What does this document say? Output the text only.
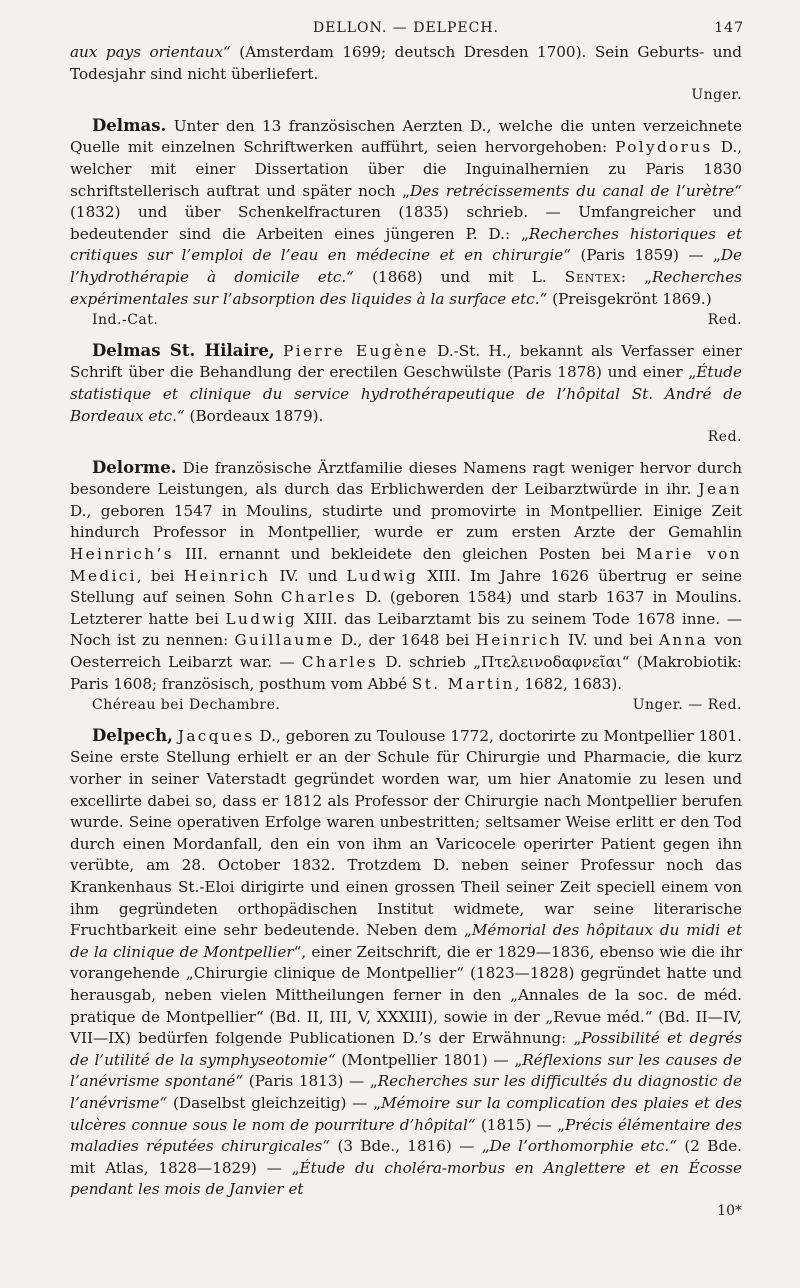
DELLON. — DELPECH.	147

aux pays orientaux“ (Amsterdam 1699; deutsch Dresden 1700). Sein Geburts- und Todesjahr sind nicht überliefert.

Unger.

Delmas. Unter den 13 französischen Aerzten D., welche die unten verzeichnete Quelle mit einzelnen Schriftwerken aufführt, seien hervorgehoben: Polydorus D., welcher mit einer Dissertation über die Inguinalhernien zu Paris 1830 schriftstellerisch auftrat und später noch „Des retrécissements du canal de l’urètre“ (1832) und über Schenkelfracturen (1835) schrieb. — Umfangreicher und bedeutender sind die Arbeiten eines jüngeren P. D.: „Recherches historiques et critiques sur l’emploi de l’eau en médecine et en chirurgie“ (Paris 1859) — „De l’hydrothérapie à domicile etc.“ (1868) und mit L. Sentex: „Recherches expérimentales sur l’absorption des liquides à la surface etc.“ (Preisgekrönt 1869.)

Ind.-Cat.	Red.

Delmas St. Hilaire, Pierre Eugène D.-St. H., bekannt als Verfasser einer Schrift über die Behandlung der erectilen Geschwülste (Paris 1878) und einer „Étude statistique et clinique du service hydrothérapeutique de l’hôpital St. André de Bordeaux etc.“ (Bordeaux 1879).

Red.

Delorme. Die französische Ärztfamilie dieses Namens ragt weniger hervor durch besondere Leistungen, als durch das Erblichwerden der Leibarztwürde in ihr. Jean D., geboren 1547 in Moulins, studirte und promovirte in Montpellier. Einige Zeit hindurch Professor in Montpellier, wurde er zum ersten Arzte der Gemahlin Heinrich’s III. ernannt und bekleidete den gleichen Posten bei Marie von Medici, bei Heinrich IV. und Ludwig XIII. Im Jahre 1626 übertrug er seine Stellung auf seinen Sohn Charles D. (geboren 1584) und starb 1637 in Moulins. Letzterer hatte bei Ludwig XIII. das Leibarztamt bis zu seinem Tode 1678 inne. — Noch ist zu nennen: Guillaume D., der 1648 bei Heinrich IV. und bei Anna von Oesterreich Leibarzt war. — Charles D. schrieb „Πτελεινοδαφνεῖαι“ (Makrobiotik: Paris 1608; französisch, posthum vom Abbé St. Martin, 1682, 1683).

Chéreau bei Dechambre.	Unger. — Red.

Delpech, Jacques D., geboren zu Toulouse 1772, doctorirte zu Montpellier 1801. Seine erste Stellung erhielt er an der Schule für Chirurgie und Pharmacie, die kurz vorher in seiner Vaterstadt gegründet worden war, um hier Anatomie zu lesen und excellirte dabei so, dass er 1812 als Professor der Chirurgie nach Montpellier berufen wurde. Seine operativen Erfolge waren unbestritten; seltsamer Weise erlitt er den Tod durch einen Mordanfall, den ein von ihm an Varicocele operirter Patient gegen ihn verübte, am 28. October 1832. Trotzdem D. neben seiner Professur noch das Krankenhaus St.-Eloi dirigirte und einen grossen Theil seiner Zeit speciell einem von ihm gegründeten orthopädischen Institut widmete, war seine literarische Fruchtbarkeit eine sehr bedeutende. Neben dem „Mémorial des hôpitaux du midi et de la clinique de Montpellier“, einer Zeitschrift, die er 1829—1836, ebenso wie die ihr vorangehende „Chirurgie clinique de Montpellier“ (1823—1828) gegründet hatte und herausgab, neben vielen Mittheilungen ferner in den „Annales de la soc. de méd. pratique de Montpellier“ (Bd. II, III, V, XXXIII), sowie in der „Revue méd.“ (Bd. II—IV, VII—IX) bedürfen folgende Publicationen D.’s der Erwähnung: „Possibilité et degrés de l’utilité de la symphyseotomie“ (Montpellier 1801) — „Réflexions sur les causes de l’anévrisme spontané“ (Paris 1813) — „Recherches sur les difficultés du diagnostic de l’anévrisme“ (Daselbst gleichzeitig) — „Mémoire sur la complication des plaies et des ulcères connue sous le nom de pourriture d’hôpital“ (1815) — „Précis élémentaire des maladies réputées chirurgicales“ (3 Bde., 1816) — „De l’orthomorphie etc.“ (2 Bde. mit Atlas, 1828—1829) — „Étude du choléra-morbus en Anglettere et en Écosse pendant les mois de Janvier et

10*
